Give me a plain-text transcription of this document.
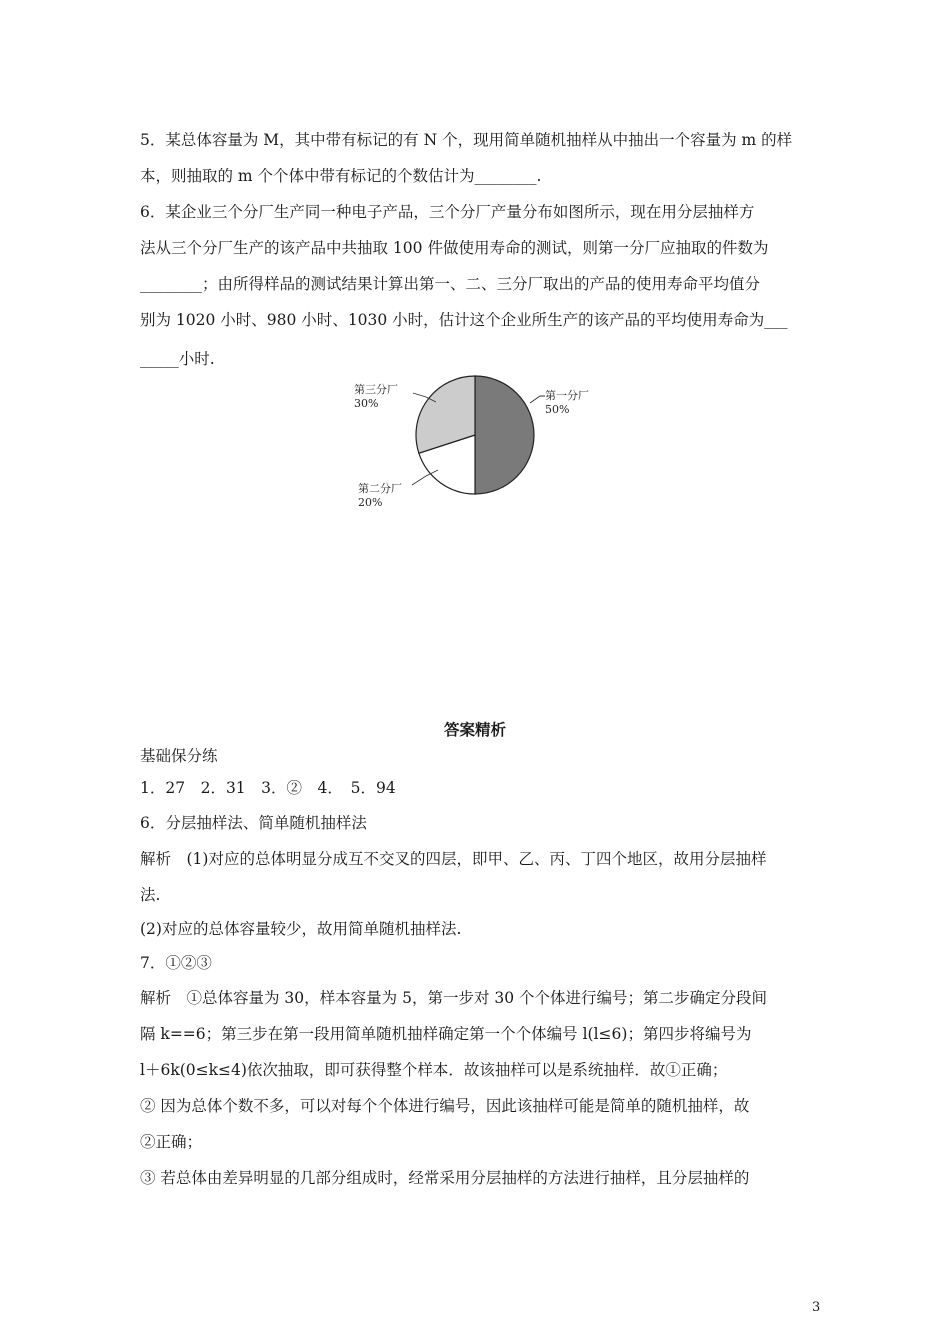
5．某总体容量为 M，其中带有标记的有 N 个，现用简单随机抽样从中抽出一个容量为 m 的样
本，则抽取的 m 个个体中带有标记的个数估计为________.
6．某企业三个分厂生产同一种电子产品，三个分厂产量分布如图所示，现在用分层抽样方
法从三个分厂生产的该产品中共抽取 100 件做使用寿命的测试，则第一分厂应抽取的件数为
________；由所得样品的测试结果计算出第一、二、三分厂取出的产品的使用寿命平均值分
别为 1020 小时、980 小时、1030 小时，估计这个企业所生产的该产品的平均使用寿命为___
_____小时.
第一分厂
50%
第二分厂
20%
第三分厂
30%
答案精析
基础保分练
1．27　2．31　3．②　4．　5．94
6．分层抽样法、简单随机抽样法
解析　(1)对应的总体明显分成互不交叉的四层，即甲、乙、丙、丁四个地区，故用分层抽样
法.
(2)对应的总体容量较少，故用简单随机抽样法.
7．①②③
解析　①总体容量为 30，样本容量为 5，第一步对 30 个个体进行编号；第二步确定分段间
隔 k==6；第三步在第一段用简单随机抽样确定第一个个体编号 l(l≤6)；第四步将编号为
l＋6k(0≤k≤4)依次抽取，即可获得整个样本．故该抽样可以是系统抽样．故①正确；
② 因为总体个数不多，可以对每个个体进行编号，因此该抽样可能是简单的随机抽样，故
②正确；
③ 若总体由差异明显的几部分组成时，经常采用分层抽样的方法进行抽样，且分层抽样的
3
